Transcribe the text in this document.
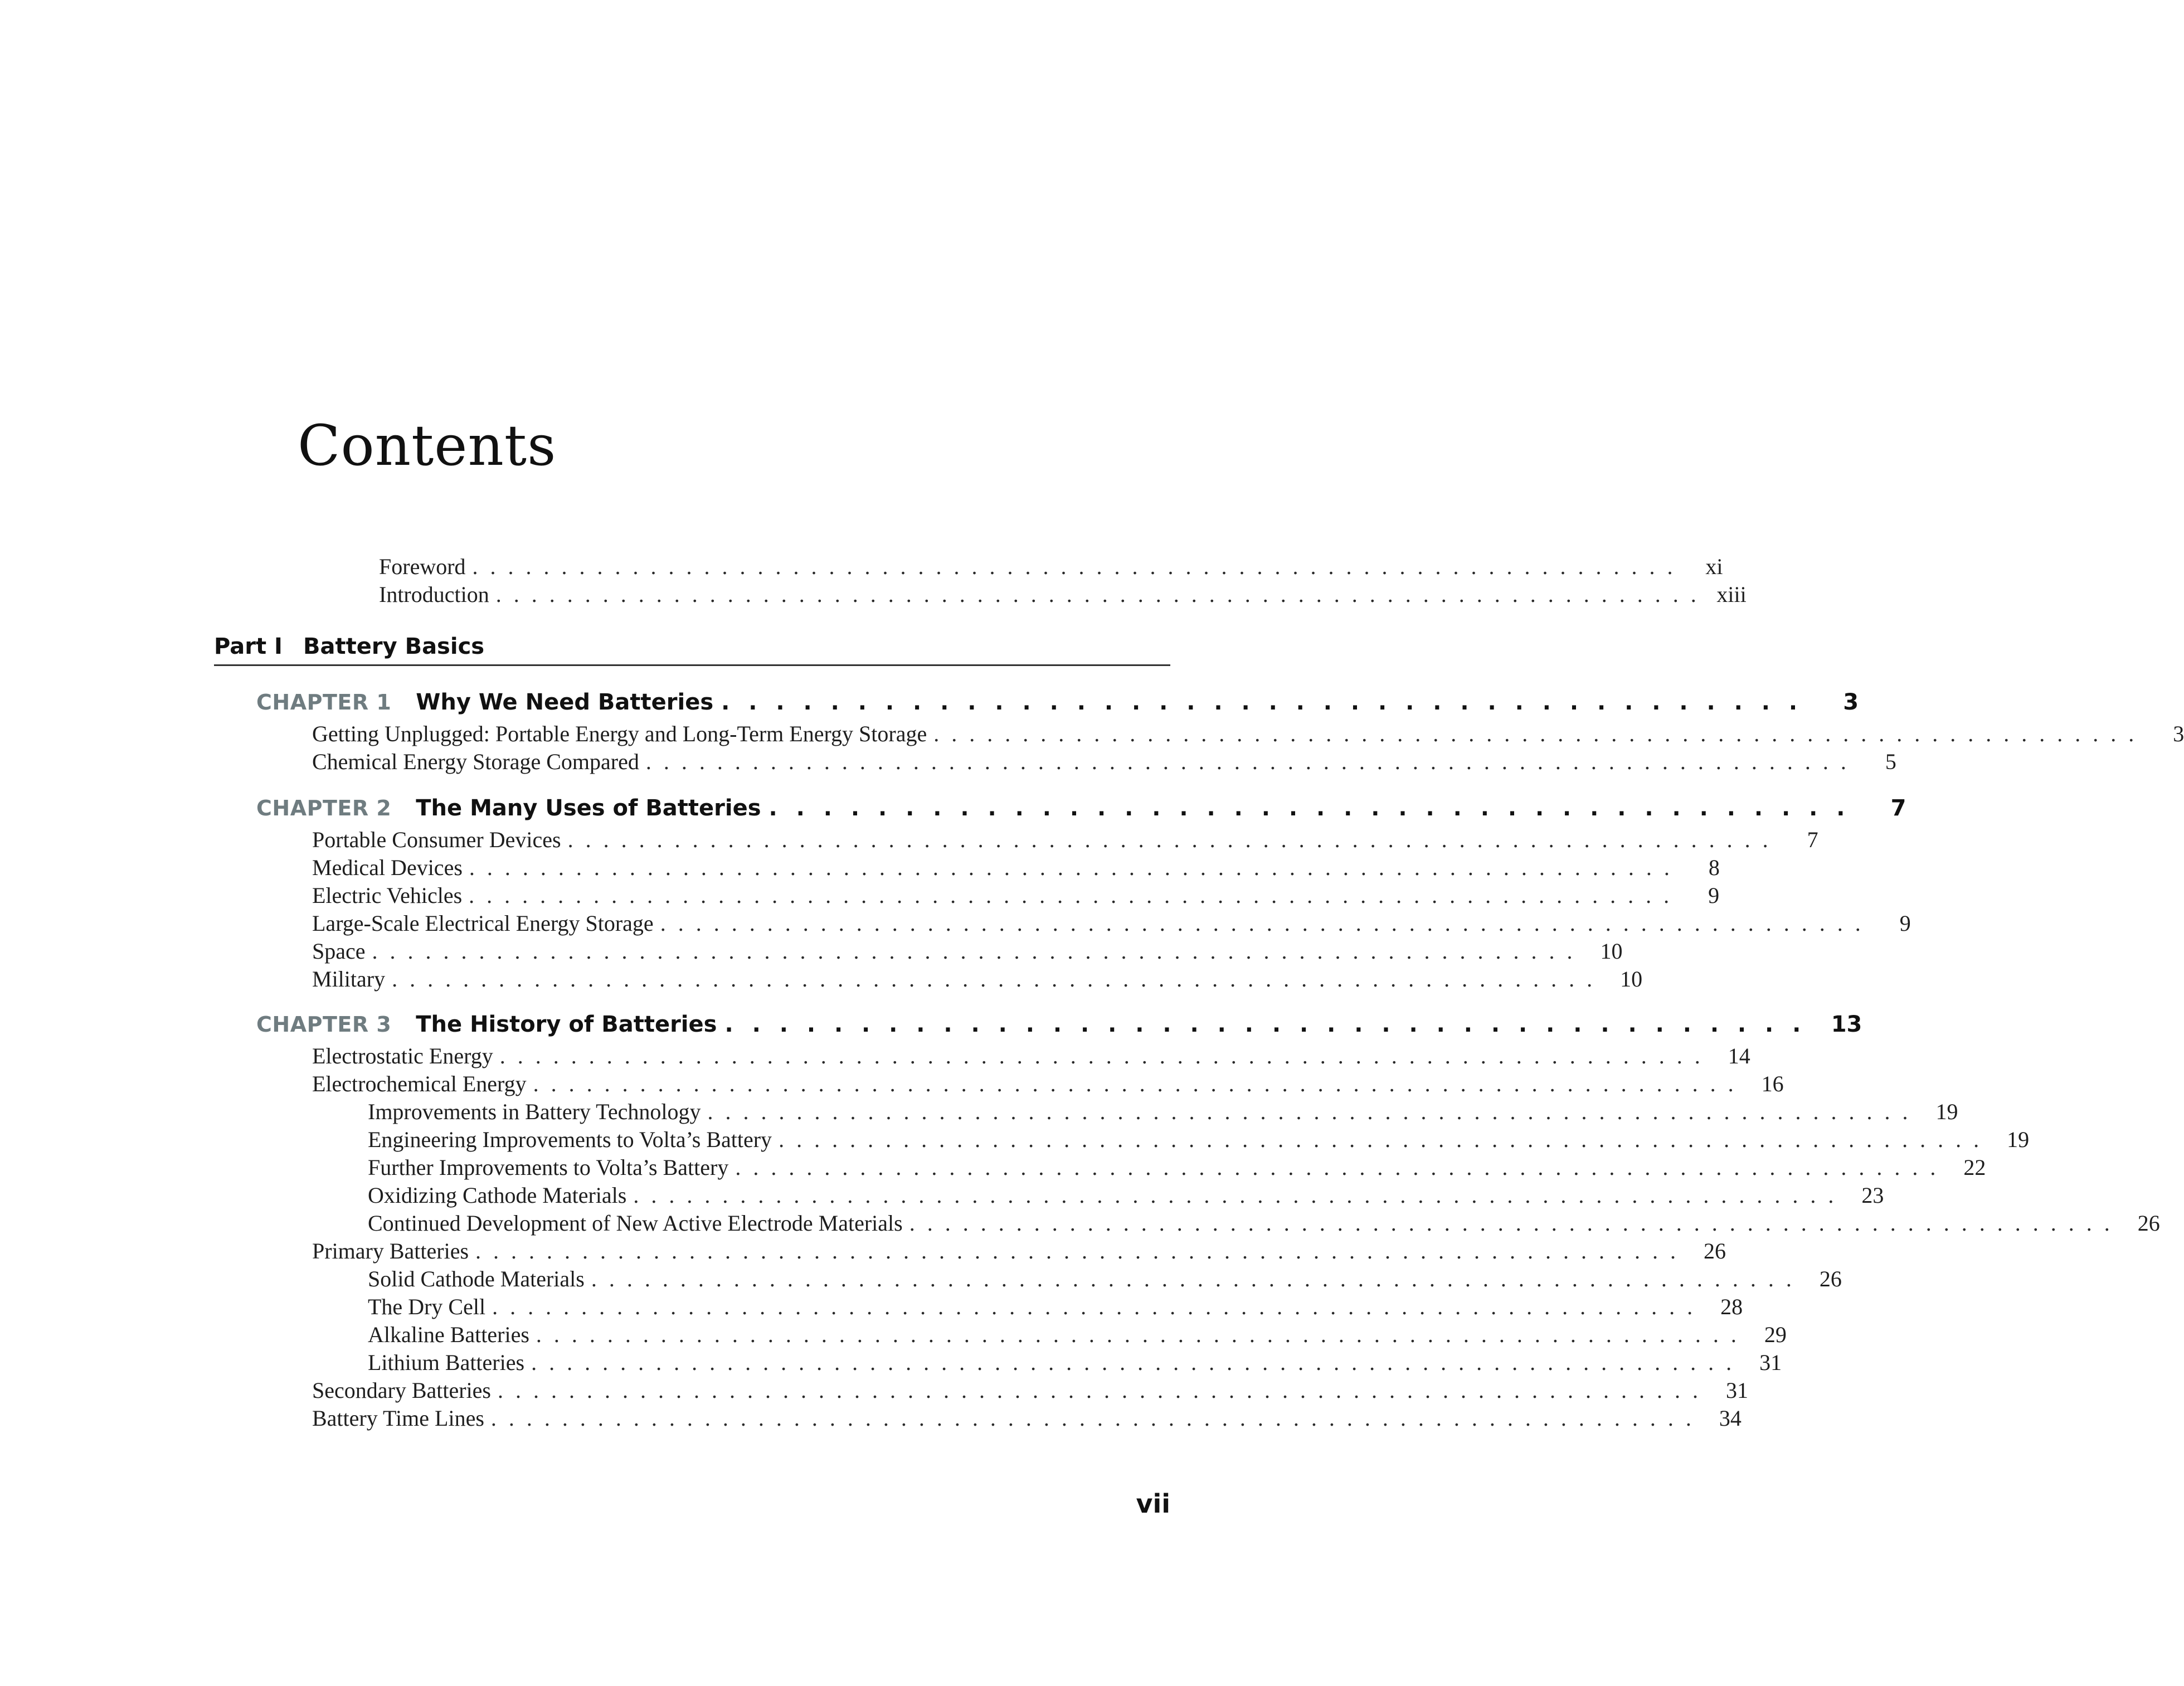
Contents
Foreword . . . . . . . . . . . . . . . . . . . . . . . . . . . . . . . . . . . . . . . . . . . . . . . . . . . . . . . . . . . . . . . . . . . .	xi
Introduction . . . . . . . . . . . . . . . . . . . . . . . . . . . . . . . . . . . . . . . . . . . . . . . . . . . . . . . . . . . . . . . . . . . . xiii
Part I Battery Basics
CHAPTER 1	Why We Need Batteries . . . . . . . . . . . . . . . . . . . . . . . . . . . . . . . . . . . . . . . .	3
Getting Unplugged: Portable Energy and Long-Term Energy Storage . . . . . . . . . . . . . . . . . . . . . . . . . . . . . . . . . . . . . . . . . . . . . . . . . . . . . . . . . . . . . . . . . . . .	3
Chemical Energy Storage Compared . . . . . . . . . . . . . . . . . . . . . . . . . . . . . . . . . . . . . . . . . . . . . . . . . . . . . . . . . . . . . . . . . . . .	5
CHAPTER 2	The Many Uses of Batteries . . . . . . . . . . . . . . . . . . . . . . . . . . . . . . . . . . . . . . . .	7
Portable Consumer Devices . . . . . . . . . . . . . . . . . . . . . . . . . . . . . . . . . . . . . . . . . . . . . . . . . . . . . . . . . . . . . . . . . . . .	7
Medical Devices . . . . . . . . . . . . . . . . . . . . . . . . . . . . . . . . . . . . . . . . . . . . . . . . . . . . . . . . . . . . . . . . . . . .	8
Electric Vehicles . . . . . . . . . . . . . . . . . . . . . . . . . . . . . . . . . . . . . . . . . . . . . . . . . . . . . . . . . . . . . . . . . . . .	9
Large-Scale Electrical Energy Storage . . . . . . . . . . . . . . . . . . . . . . . . . . . . . . . . . . . . . . . . . . . . . . . . . . . . . . . . . . . . . . . . . . . .	9
Space . . . . . . . . . . . . . . . . . . . . . . . . . . . . . . . . . . . . . . . . . . . . . . . . . . . . . . . . . . . . . . . . . . . .	10
Military . . . . . . . . . . . . . . . . . . . . . . . . . . . . . . . . . . . . . . . . . . . . . . . . . . . . . . . . . . . . . . . . . . . .	10
CHAPTER 3	The History of Batteries . . . . . . . . . . . . . . . . . . . . . . . . . . . . . . . . . . . . . . . .	13
Electrostatic Energy . . . . . . . . . . . . . . . . . . . . . . . . . . . . . . . . . . . . . . . . . . . . . . . . . . . . . . . . . . . . . . . . . . . .	14
Electrochemical Energy . . . . . . . . . . . . . . . . . . . . . . . . . . . . . . . . . . . . . . . . . . . . . . . . . . . . . . . . . . . . . . . . . . . .	16
Improvements in Battery Technology . . . . . . . . . . . . . . . . . . . . . . . . . . . . . . . . . . . . . . . . . . . . . . . . . . . . . . . . . . . . . . . . . . . .	19
Engineering Improvements to Volta’s Battery . . . . . . . . . . . . . . . . . . . . . . . . . . . . . . . . . . . . . . . . . . . . . . . . . . . . . . . . . . . . . . . . . . . .	19
Further Improvements to Volta’s Battery . . . . . . . . . . . . . . . . . . . . . . . . . . . . . . . . . . . . . . . . . . . . . . . . . . . . . . . . . . . . . . . . . . . .	22
Oxidizing Cathode Materials . . . . . . . . . . . . . . . . . . . . . . . . . . . . . . . . . . . . . . . . . . . . . . . . . . . . . . . . . . . . . . . . . . . .	23
Continued Development of New Active Electrode Materials . . . . . . . . . . . . . . . . . . . . . . . . . . . . . . . . . . . . . . . . . . . . . . . . . . . . . . . . . . . . . . . . . . . .	26
Primary Batteries . . . . . . . . . . . . . . . . . . . . . . . . . . . . . . . . . . . . . . . . . . . . . . . . . . . . . . . . . . . . . . . . . . . .	26
Solid Cathode Materials . . . . . . . . . . . . . . . . . . . . . . . . . . . . . . . . . . . . . . . . . . . . . . . . . . . . . . . . . . . . . . . . . . . .	26
The Dry Cell . . . . . . . . . . . . . . . . . . . . . . . . . . . . . . . . . . . . . . . . . . . . . . . . . . . . . . . . . . . . . . . . . . . .	28
Alkaline Batteries . . . . . . . . . . . . . . . . . . . . . . . . . . . . . . . . . . . . . . . . . . . . . . . . . . . . . . . . . . . . . . . . . . . .	29
Lithium Batteries . . . . . . . . . . . . . . . . . . . . . . . . . . . . . . . . . . . . . . . . . . . . . . . . . . . . . . . . . . . . . . . . . . . .	31
Secondary Batteries . . . . . . . . . . . . . . . . . . . . . . . . . . . . . . . . . . . . . . . . . . . . . . . . . . . . . . . . . . . . . . . . . . . .	31
Battery Time Lines . . . . . . . . . . . . . . . . . . . . . . . . . . . . . . . . . . . . . . . . . . . . . . . . . . . . . . . . . . . . . . . . . . . .	34
vii
